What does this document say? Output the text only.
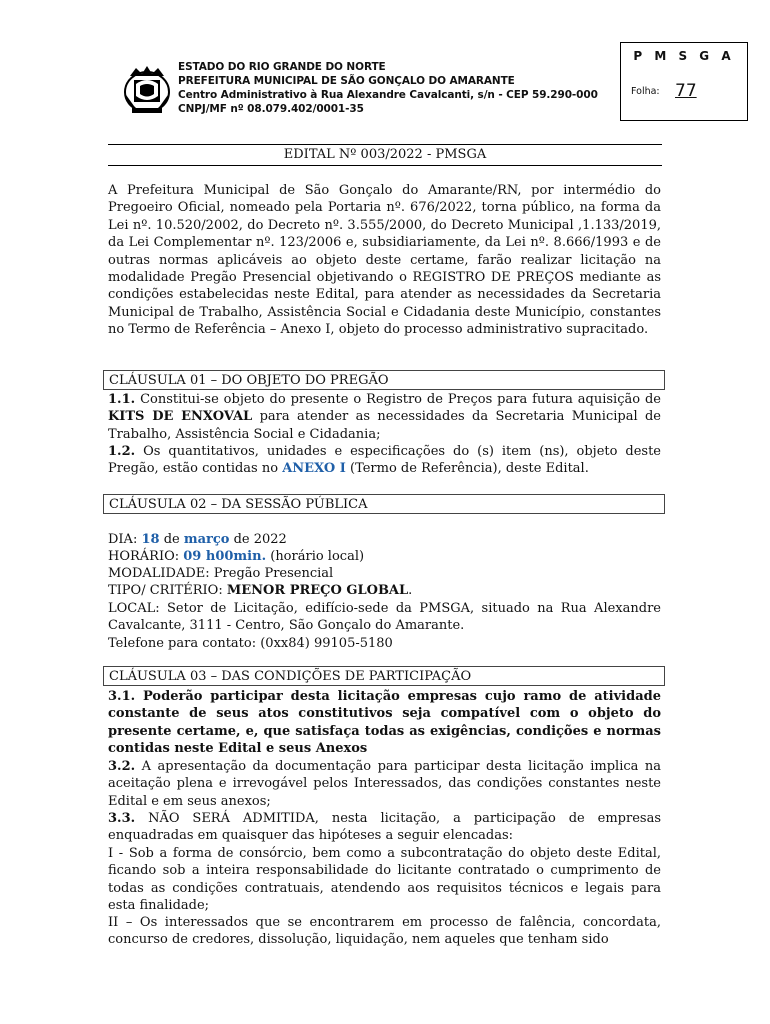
ESTADO DO RIO GRANDE DO NORTE
PREFEITURA MUNICIPAL DE SÃO GONÇALO DO AMARANTE
Centro Administrativo à Rua Alexandre Cavalcanti, s/n - CEP 59.290-000
CNPJ/MF nº 08.079.402/0001-35
P M S G A
Folha: 77
EDITAL Nº 003/2022 - PMSGA

A Prefeitura Municipal de São Gonçalo do Amarante/RN, por intermédio do Pregoeiro Oficial, nomeado pela Portaria nº. 676/2022, torna público, na forma da Lei nº. 10.520/2002, do Decreto nº. 3.555/2000, do Decreto Municipal ,1.133/2019, da Lei Complementar nº. 123/2006 e, subsidiariamente, da Lei nº. 8.666/1993 e de outras normas aplicáveis ao objeto deste certame, farão realizar licitação na modalidade Pregão Presencial objetivando o REGISTRO DE PREÇOS mediante as condições estabelecidas neste Edital, para atender as necessidades da Secretaria Municipal de Trabalho, Assistência Social e Cidadania deste Município, constantes no Termo de Referência – Anexo I, objeto do processo administrativo supracitado.

CLÁUSULA 01 – DO OBJETO DO PREGÃO

1.1. Constitui-se objeto do presente o Registro de Preços para futura aquisição de KITS DE ENXOVAL para atender as necessidades da Secretaria Municipal de Trabalho, Assistência Social e Cidadania;

1.2. Os quantitativos, unidades e especificações do (s) item (ns), objeto deste Pregão, estão contidas no ANEXO I (Termo de Referência), deste Edital.

CLÁUSULA 02 – DA SESSÃO PÚBLICA

DIA: 18 de março de 2022

HORÁRIO: 09 h00min. (horário local)

MODALIDADE: Pregão Presencial

TIPO/ CRITÉRIO: MENOR PREÇO GLOBAL.

LOCAL: Setor de Licitação, edifício-sede da PMSGA, situado na Rua Alexandre Cavalcante, 3111 - Centro, São Gonçalo do Amarante.

Telefone para contato: (0xx84) 99105-5180

CLÁUSULA 03 – DAS CONDIÇÕES DE PARTICIPAÇÃO

3.1. Poderão participar desta licitação empresas cujo ramo de atividade constante de seus atos constitutivos seja compatível com o objeto do presente certame, e, que satisfaça todas as exigências, condições e normas contidas neste Edital e seus Anexos

3.2. A apresentação da documentação para participar desta licitação implica na aceitação plena e irrevogável pelos Interessados, das condições constantes neste Edital e em seus anexos;

3.3. NÃO SERÁ ADMITIDA, nesta licitação, a participação de empresas enquadradas em quaisquer das hipóteses a seguir elencadas:

I - Sob a forma de consórcio, bem como a subcontratação do objeto deste Edital, ficando sob a inteira responsabilidade do licitante contratado o cumprimento de todas as condições contratuais, atendendo aos requisitos técnicos e legais para esta finalidade;

II – Os interessados que se encontrarem em processo de falência, concordata, concurso de credores, dissolução, liquidação, nem aqueles que tenham sido
